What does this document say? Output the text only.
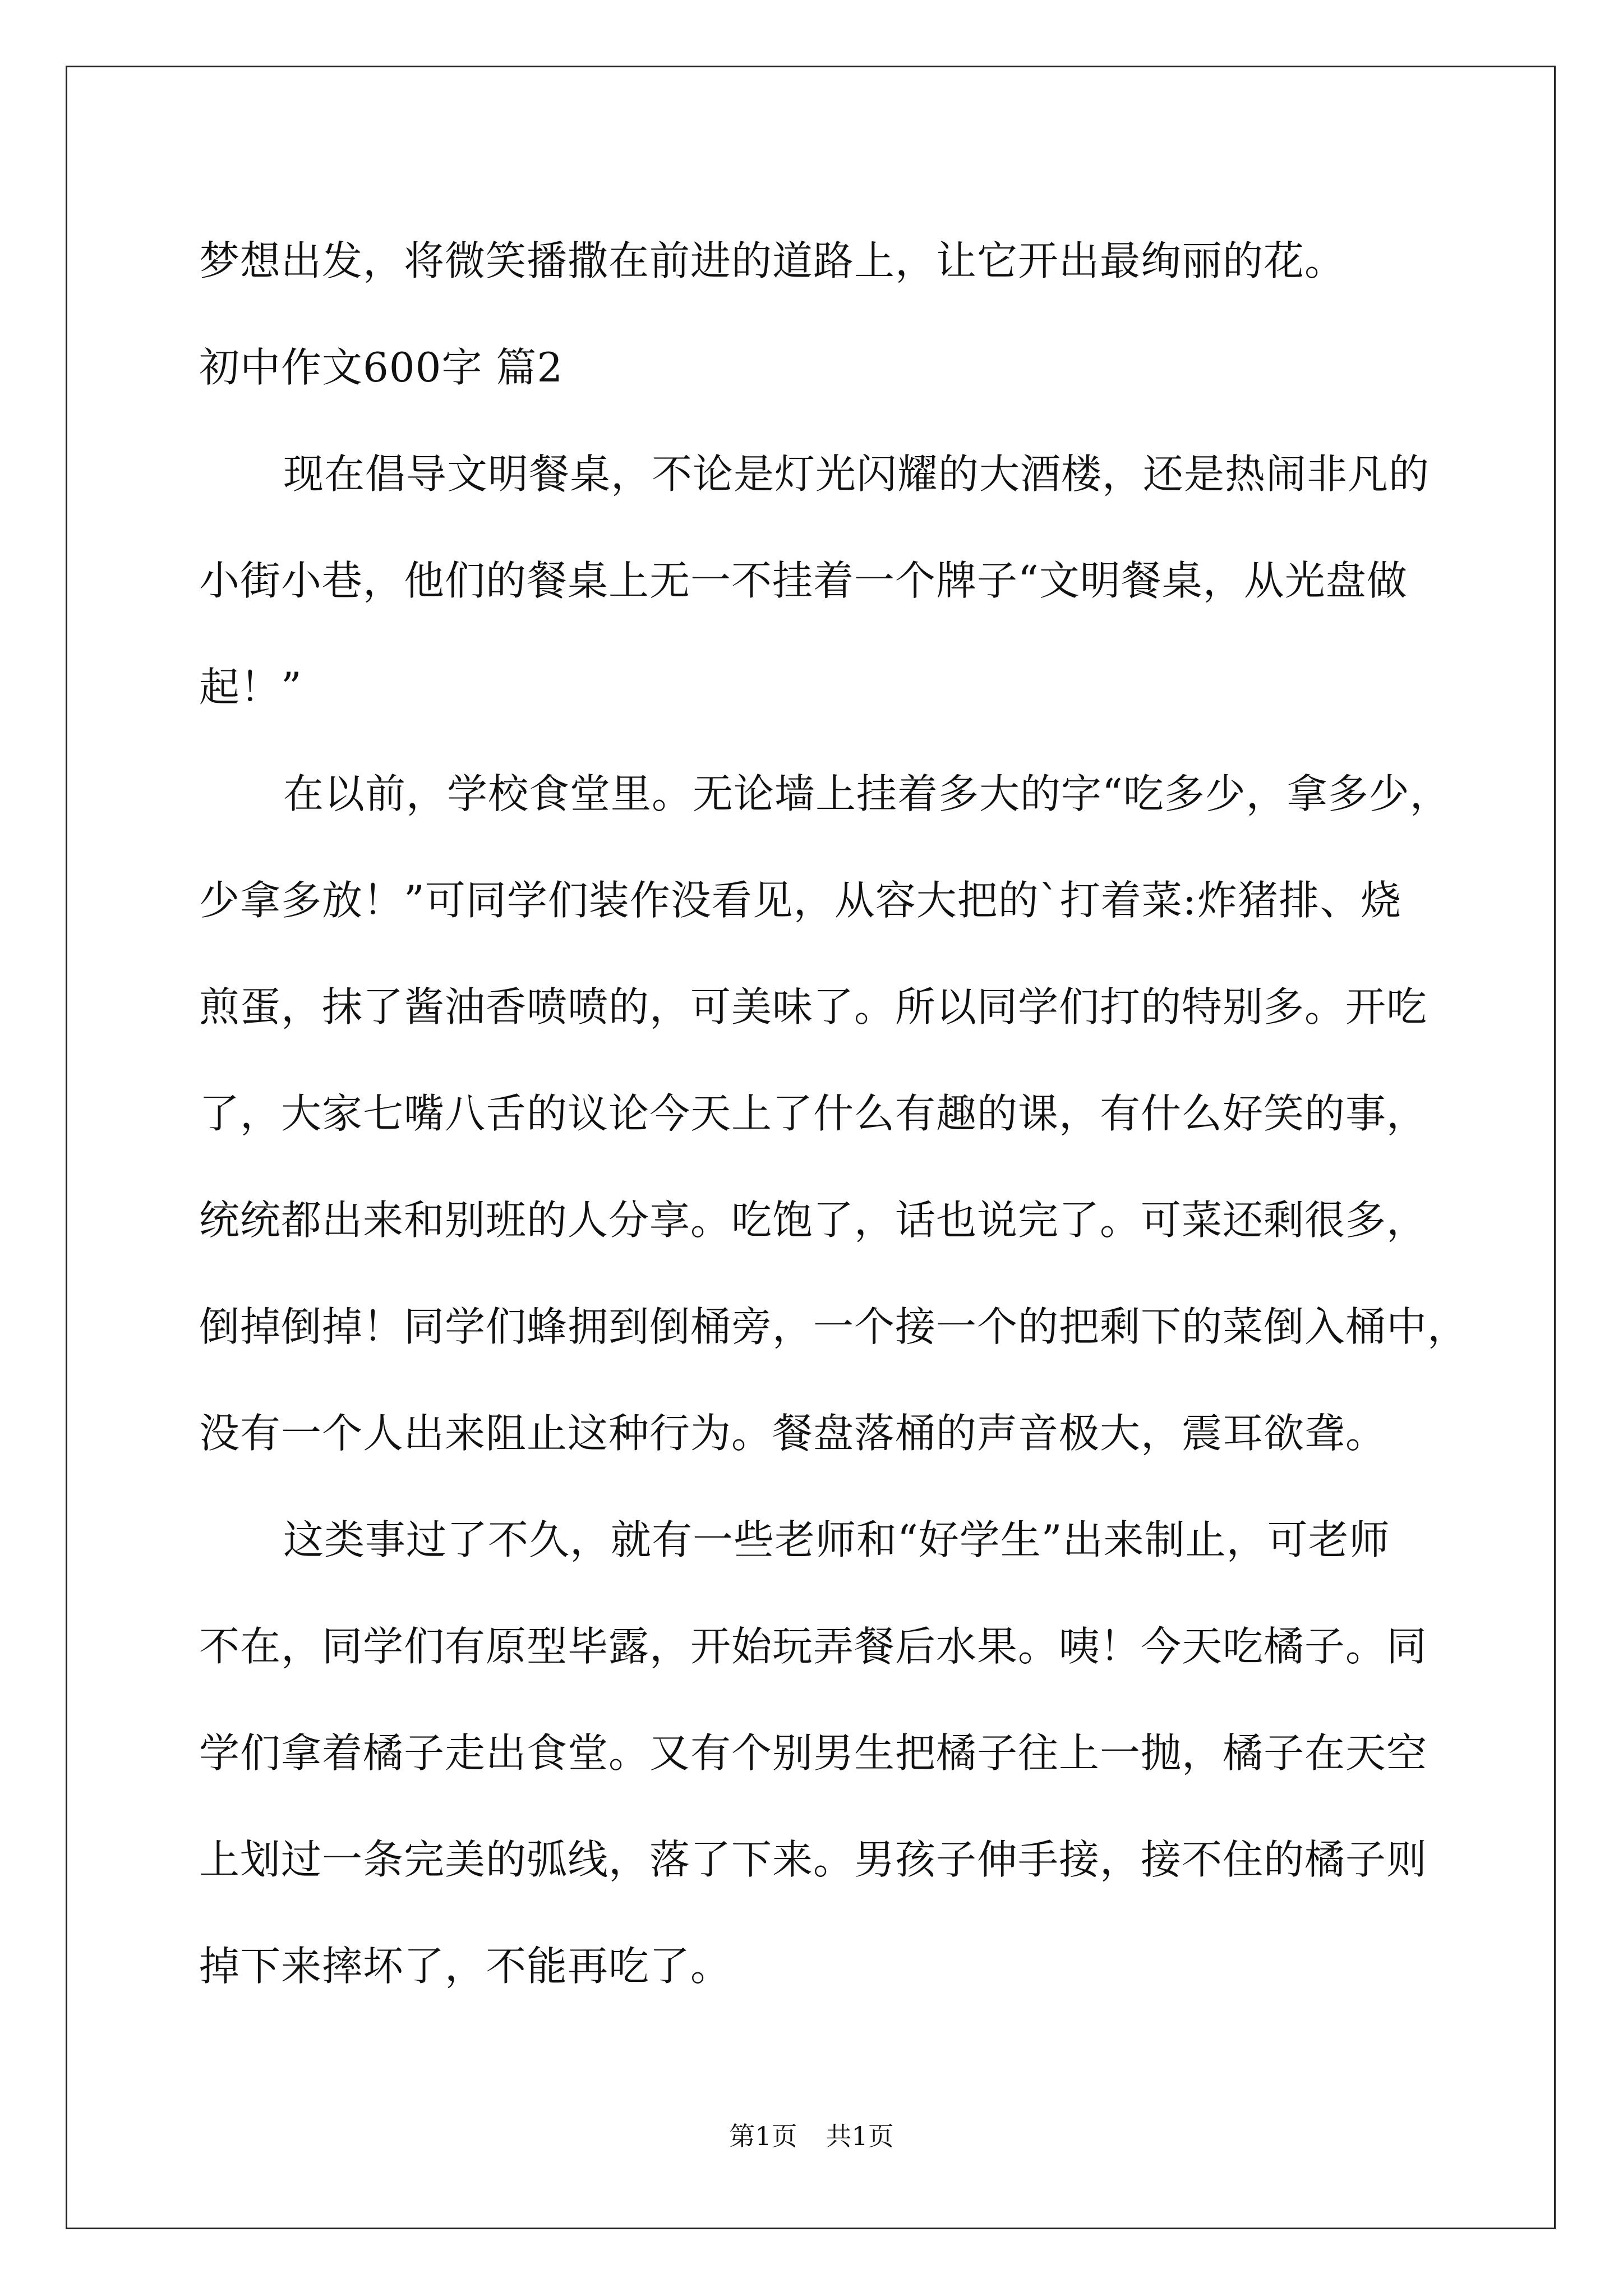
梦想出发，将微笑播撒在前进的道路上，让它开出最绚丽的花。
初中作文600字 篇2
现在倡导文明餐桌，不论是灯光闪耀的大酒楼，还是热闹非凡的
小街小巷，他们的餐桌上无一不挂着一个牌子“文明餐桌，从光盘做
起！”
在以前，学校食堂里。无论墙上挂着多大的字“吃多少，拿多少，
少拿多放！”可同学们装作没看见，从容大把的`打着菜:炸猪排、烧
煎蛋，抹了酱油香喷喷的，可美味了。所以同学们打的特别多。开吃
了，大家七嘴八舌的议论今天上了什么有趣的课，有什么好笑的事，
统统都出来和别班的人分享。吃饱了，话也说完了。可菜还剩很多，
倒掉倒掉！同学们蜂拥到倒桶旁，一个接一个的把剩下的菜倒入桶中，
没有一个人出来阻止这种行为。餐盘落桶的声音极大，震耳欲聋。
这类事过了不久，就有一些老师和“好学生”出来制止，可老师
不在，同学们有原型毕露，开始玩弄餐后水果。咦！今天吃橘子。同
学们拿着橘子走出食堂。又有个别男生把橘子往上一抛，橘子在天空
上划过一条完美的弧线，落了下来。男孩子伸手接，接不住的橘子则
掉下来摔坏了，不能再吃了。
第1页 共1页
